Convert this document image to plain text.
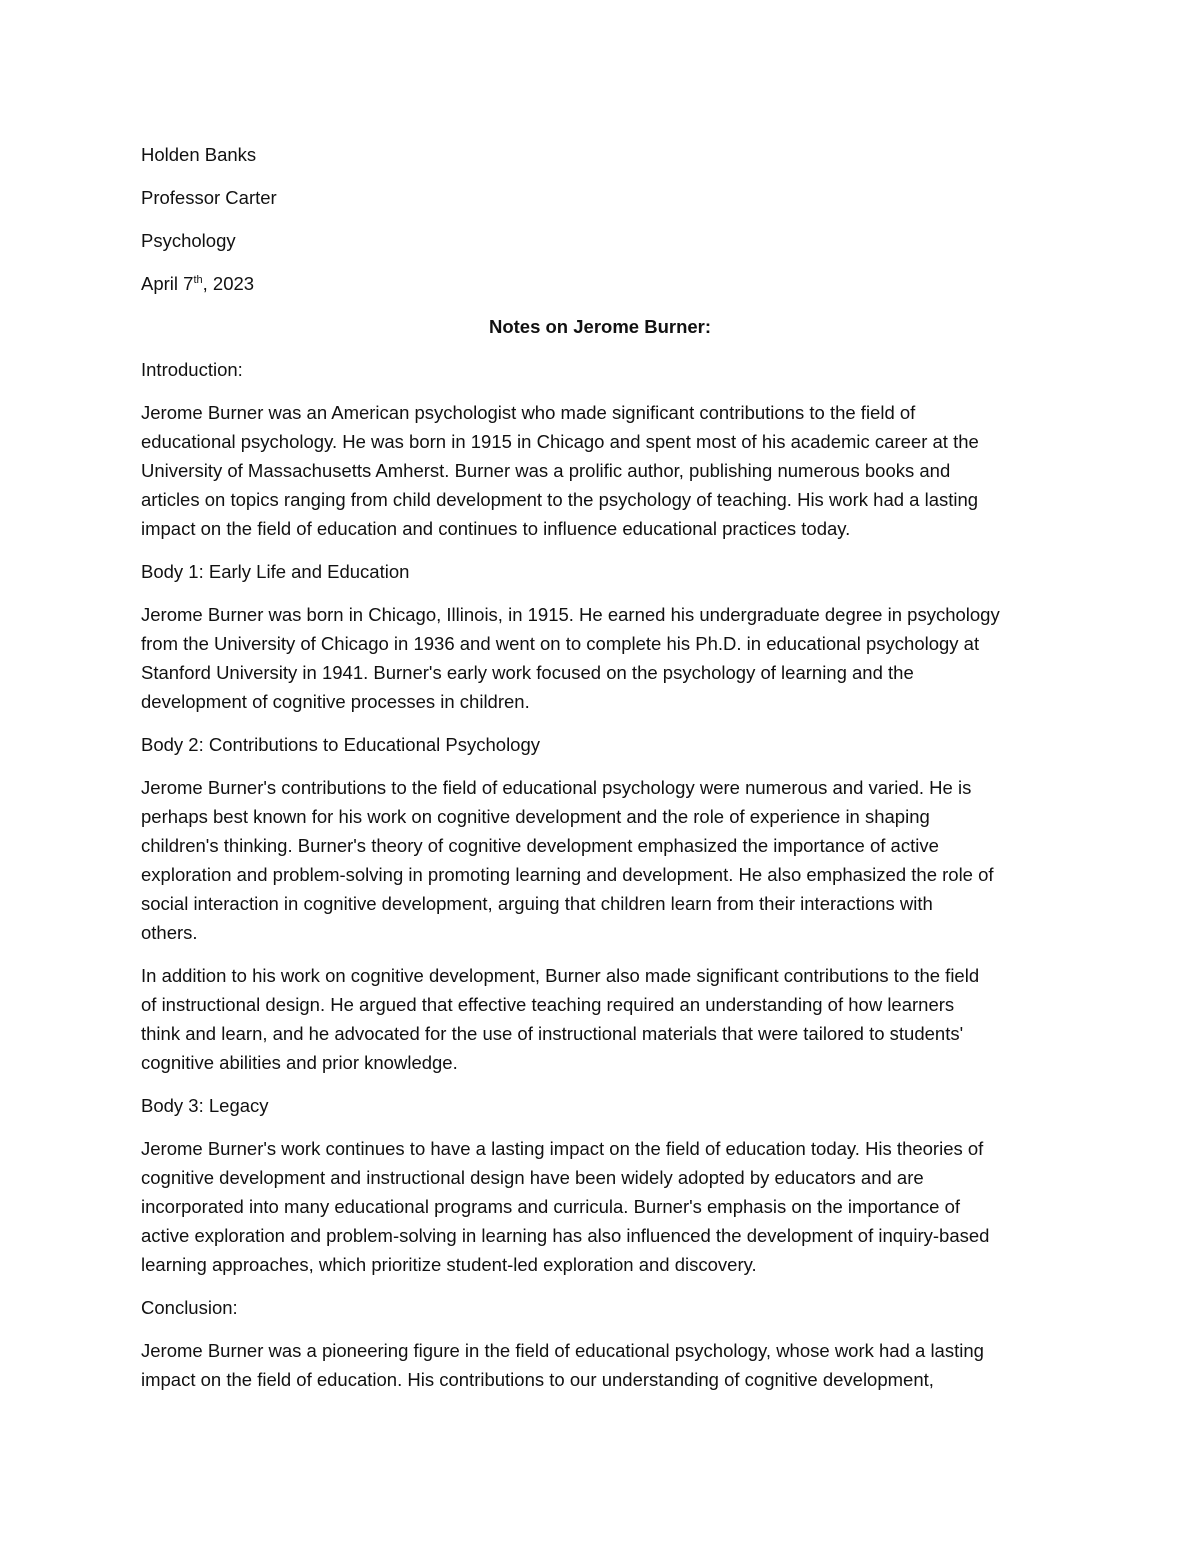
Holden Banks
Professor Carter
Psychology
April 7th, 2023
Notes on Jerome Burner:
Introduction:
Jerome Burner was an American psychologist who made significant contributions to the field of
educational psychology. He was born in 1915 in Chicago and spent most of his academic career at the
University of Massachusetts Amherst. Burner was a prolific author, publishing numerous books and
articles on topics ranging from child development to the psychology of teaching. His work had a lasting
impact on the field of education and continues to influence educational practices today.
Body 1: Early Life and Education
Jerome Burner was born in Chicago, Illinois, in 1915. He earned his undergraduate degree in psychology
from the University of Chicago in 1936 and went on to complete his Ph.D. in educational psychology at
Stanford University in 1941. Burner's early work focused on the psychology of learning and the
development of cognitive processes in children.
Body 2: Contributions to Educational Psychology
Jerome Burner's contributions to the field of educational psychology were numerous and varied. He is
perhaps best known for his work on cognitive development and the role of experience in shaping
children's thinking. Burner's theory of cognitive development emphasized the importance of active
exploration and problem-solving in promoting learning and development. He also emphasized the role of
social interaction in cognitive development, arguing that children learn from their interactions with
others.
In addition to his work on cognitive development, Burner also made significant contributions to the field
of instructional design. He argued that effective teaching required an understanding of how learners
think and learn, and he advocated for the use of instructional materials that were tailored to students'
cognitive abilities and prior knowledge.
Body 3: Legacy
Jerome Burner's work continues to have a lasting impact on the field of education today. His theories of
cognitive development and instructional design have been widely adopted by educators and are
incorporated into many educational programs and curricula. Burner's emphasis on the importance of
active exploration and problem-solving in learning has also influenced the development of inquiry-based
learning approaches, which prioritize student-led exploration and discovery.
Conclusion:
Jerome Burner was a pioneering figure in the field of educational psychology, whose work had a lasting
impact on the field of education. His contributions to our understanding of cognitive development,
